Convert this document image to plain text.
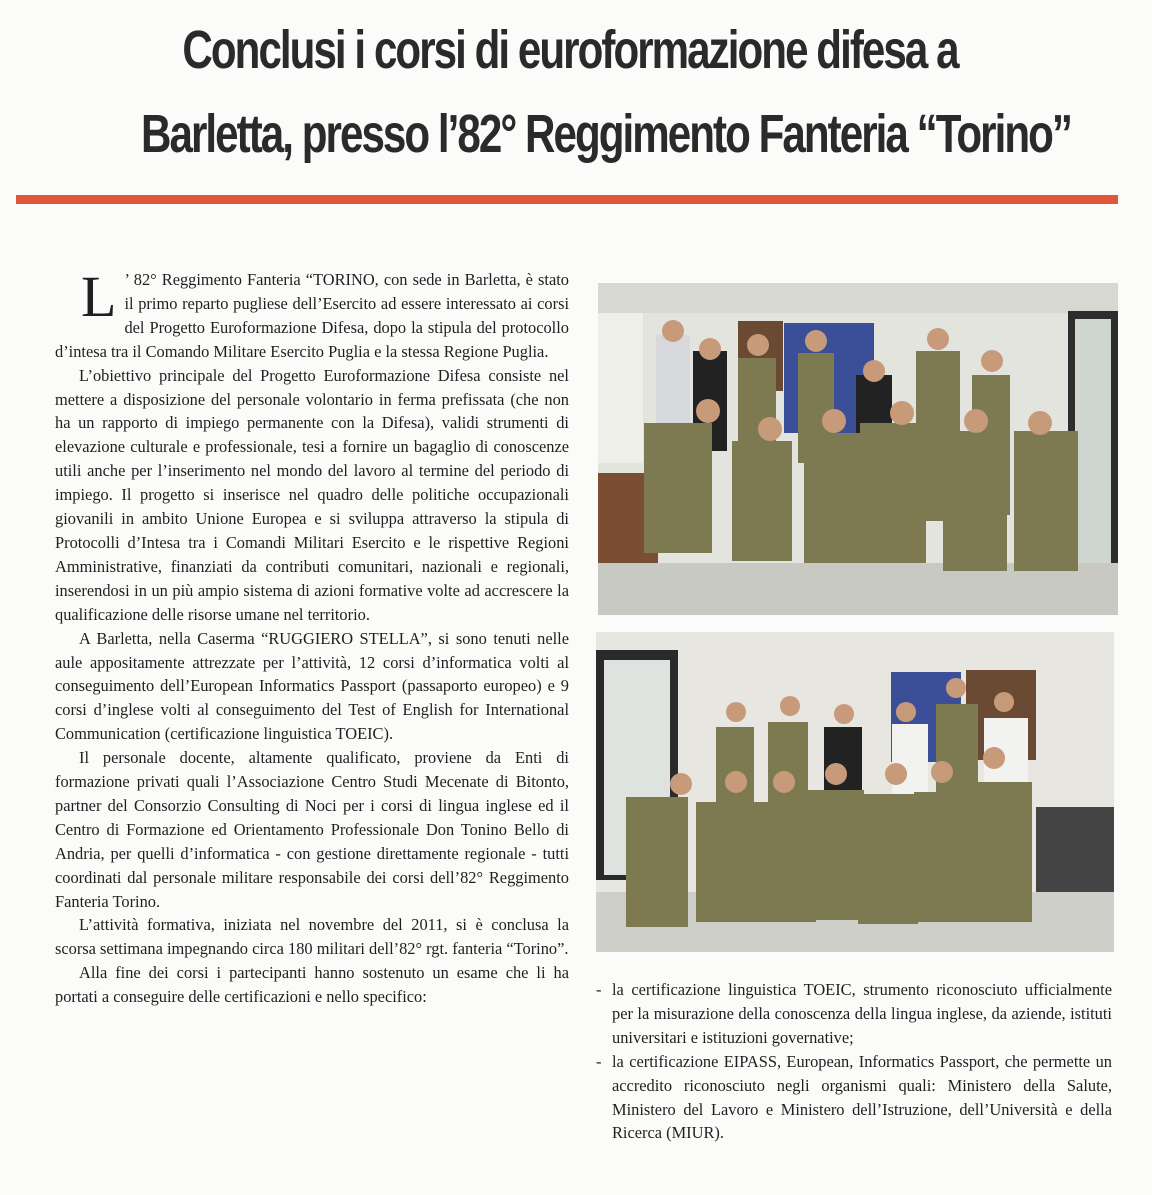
Conclusi i corsi di euroformazione difesa a
Barletta, presso l’82° Reggimento Fanteria “Torino”

L ’ 82° Reggimento Fanteria “TORINO, con sede in Barletta, è stato il primo reparto pugliese dell’Esercito ad essere interessato ai corsi del Progetto Euroformazione Difesa, dopo la stipula del protocollo d’intesa tra il Comando Militare Esercito Puglia e la stessa Regione Puglia.

L’obiettivo principale del Progetto Euroformazione Difesa consiste nel mettere a disposizione del personale volontario in ferma prefissata (che non ha un rapporto di impiego permanente con la Difesa), validi strumenti di elevazione culturale e professionale, tesi a fornire un bagaglio di conoscenze utili anche per l’inserimento nel mondo del lavoro al termine del periodo di impiego. Il progetto si inserisce nel quadro delle politiche occupazionali giovanili in ambito Unione Europea e si sviluppa attraverso la stipula di Protocolli d’Intesa tra i Comandi Militari Esercito e le rispettive Regioni Amministrative, finanziati da contributi comunitari, nazionali e regionali, inserendosi in un più ampio sistema di azioni formative volte ad accrescere la qualificazione delle risorse umane nel territorio.

A Barletta, nella Caserma “RUGGIERO STELLA”, si sono tenuti nelle aule appositamente attrezzate per l’attività, 12 corsi d’informatica volti al conseguimento dell’European Informatics Passport (passaporto europeo) e 9 corsi d’inglese volti al conseguimento del Test of English for International Communication (certificazione linguistica TOEIC).

Il personale docente, altamente qualificato, proviene da Enti di formazione privati quali l’Associazione Centro Studi Mecenate di Bitonto, partner del Consorzio Consulting di Noci per i corsi di lingua inglese ed il Centro di Formazione ed Orientamento Professionale Don Tonino Bello di Andria, per quelli d’informatica - con gestione direttamente regionale - tutti coordinati dal personale militare responsabile dei corsi dell’82° Reggimento Fanteria Torino.

L’attività formativa, iniziata nel novembre del 2011, si è conclusa la scorsa settimana impegnando circa 180 militari dell’82° rgt. fanteria “Torino”.

Alla fine dei corsi i partecipanti hanno sostenuto un esame che li ha portati a conseguire delle certificazioni e nello specifico:

-	la certificazione linguistica TOEIC, strumento riconosciuto ufficialmente per la misurazione della conoscenza della lingua inglese, da aziende, istituti universitari e istituzioni governative;
- la certificazione EIPASS, European, Informatics Passport, che permette un accredito riconosciuto negli organismi quali: Ministero della Salute, Ministero del Lavoro e Ministero dell’Istruzione, dell’Università e della Ricerca (MIUR).
